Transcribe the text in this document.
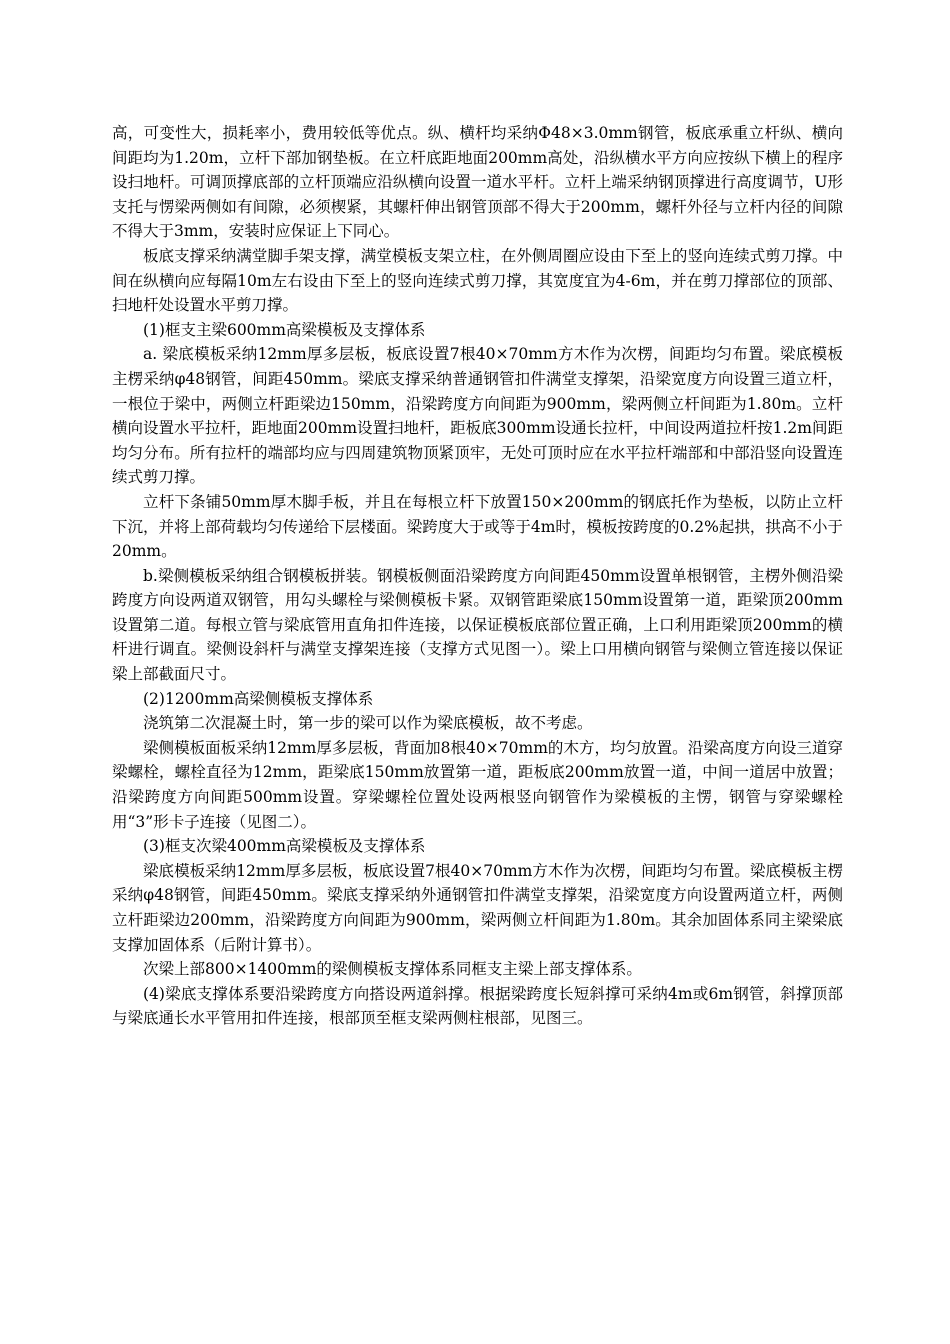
高，可变性大，损耗率小，费用较低等优点。纵、横杆均采纳Φ48×3.0mm钢管，板底承重立杆纵、横向间距均为1.20m，立杆下部加钢垫板。在立杆底距地面200mm高处，沿纵横水平方向应按纵下横上的程序设扫地杆。可调顶撑底部的立杆顶端应沿纵横向设置一道水平杆。立杆上端采纳钢顶撑进行高度调节，U形支托与愣梁两侧如有间隙，必须楔紧，其螺杆伸出钢管顶部不得大于200mm，螺杆外径与立杆内径的间隙不得大于3mm，安装时应保证上下同心。

板底支撑采纳满堂脚手架支撑，满堂模板支架立柱，在外侧周圈应设由下至上的竖向连续式剪刀撑。中间在纵横向应每隔10m左右设由下至上的竖向连续式剪刀撑，其宽度宜为4-6m，并在剪刀撑部位的顶部、扫地杆处设置水平剪刀撑。

(1)框支主梁600mm高梁模板及支撑体系

a. 梁底模板采纳12mm厚多层板，板底设置7根40×70mm方木作为次楞，间距均匀布置。梁底模板主楞采纳φ48钢管，间距450mm。梁底支撑采纳普通钢管扣件满堂支撑架，沿梁宽度方向设置三道立杆，一根位于梁中，两侧立杆距梁边150mm，沿梁跨度方向间距为900mm，梁两侧立杆间距为1.80m。立杆横向设置水平拉杆，距地面200mm设置扫地杆，距板底300mm设通长拉杆，中间设两道拉杆按1.2m间距均匀分布。所有拉杆的端部均应与四周建筑物顶紧顶牢，无处可顶时应在水平拉杆端部和中部沿竖向设置连续式剪刀撑。

立杆下条铺50mm厚木脚手板，并且在每根立杆下放置150×200mm的钢底托作为垫板，以防止立杆下沉，并将上部荷载均匀传递给下层楼面。梁跨度大于或等于4m时，模板按跨度的0.2%起拱，拱高不小于20mm。

b.梁侧模板采纳组合钢模板拼装。钢模板侧面沿梁跨度方向间距450mm设置单根钢管，主楞外侧沿梁跨度方向设两道双钢管，用勾头螺栓与梁侧模板卡紧。双钢管距梁底150mm设置第一道，距梁顶200mm设置第二道。每根立管与梁底管用直角扣件连接，以保证模板底部位置正确，上口利用距梁顶200mm的横杆进行调直。梁侧设斜杆与满堂支撑架连接（支撑方式见图一）。梁上口用横向钢管与梁侧立管连接以保证梁上部截面尺寸。

(2)1200mm高梁侧模板支撑体系

浇筑第二次混凝土时，第一步的梁可以作为梁底模板，故不考虑。

梁侧模板面板采纳12mm厚多层板，背面加8根40×70mm的木方，均匀放置。沿梁高度方向设三道穿梁螺栓，螺栓直径为12mm，距梁底150mm放置第一道，距板底200mm放置一道，中间一道居中放置；沿梁跨度方向间距500mm设置。穿梁螺栓位置处设两根竖向钢管作为梁模板的主愣，钢管与穿梁螺栓用“3”形卡子连接（见图二）。

(3)框支次梁400mm高梁模板及支撑体系

梁底模板采纳12mm厚多层板，板底设置7根40×70mm方木作为次楞，间距均匀布置。梁底模板主楞采纳φ48钢管，间距450mm。梁底支撑采纳外通钢管扣件满堂支撑架，沿梁宽度方向设置两道立杆，两侧立杆距梁边200mm，沿梁跨度方向间距为900mm，梁两侧立杆间距为1.80m。其余加固体系同主梁梁底支撑加固体系（后附计算书）。

次梁上部800×1400mm的梁侧模板支撑体系同框支主梁上部支撑体系。

(4)梁底支撑体系要沿梁跨度方向搭设两道斜撑。根据梁跨度长短斜撑可采纳4m或6m钢管，斜撑顶部与梁底通长水平管用扣件连接，根部顶至框支梁两侧柱根部，见图三。
